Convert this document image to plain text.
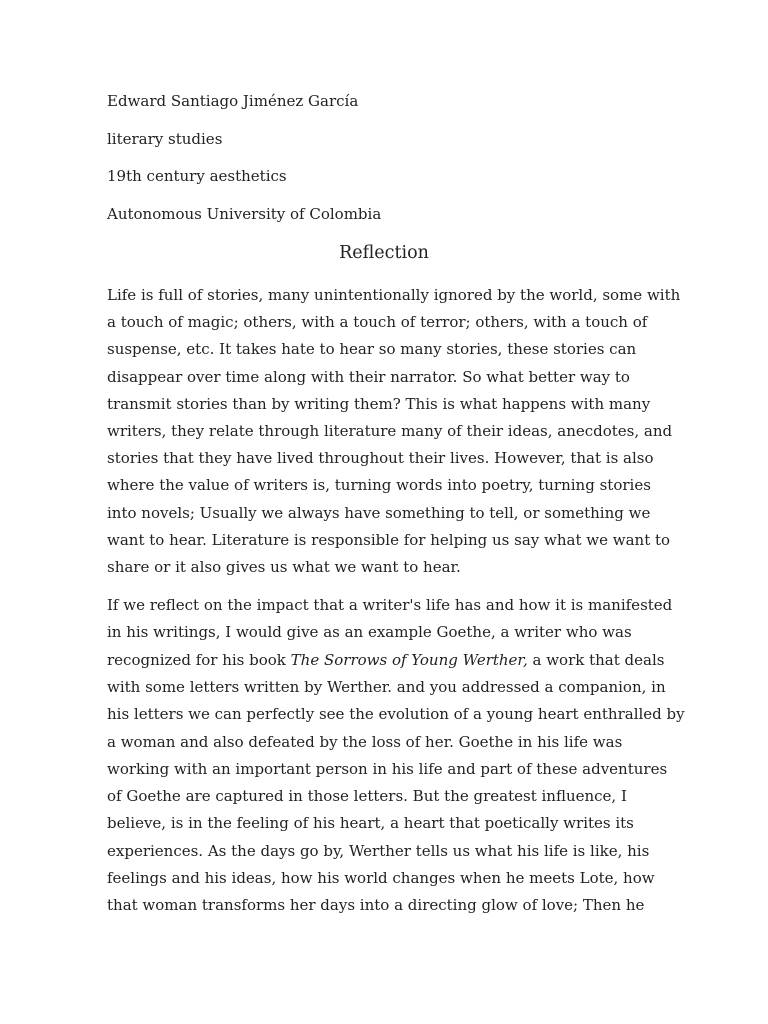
Edward Santiago Jiménez García
literary studies
19th century aesthetics
Autonomous University of Colombia
Reflection
Life is full of stories, many unintentionally ignored by the world, some with
a touch of magic; others, with a touch of terror; others, with a touch of
suspense, etc. It takes hate to hear so many stories, these stories can
disappear over time along with their narrator. So what better way to
transmit stories than by writing them? This is what happens with many
writers, they relate through literature many of their ideas, anecdotes, and
stories that they have lived throughout their lives. However, that is also
where the value of writers is, turning words into poetry, turning stories
into novels; Usually we always have something to tell, or something we
want to hear. Literature is responsible for helping us say what we want to
share or it also gives us what we want to hear.
If we reflect on the impact that a writer's life has and how it is manifested
in his writings, I would give as an example Goethe, a writer who was
recognized for his book The Sorrows of Young Werther, a work that deals
with some letters written by Werther. and you addressed a companion, in
his letters we can perfectly see the evolution of a young heart enthralled by
a woman and also defeated by the loss of her. Goethe in his life was
working with an important person in his life and part of these adventures
of Goethe are captured in those letters. But the greatest influence, I
believe, is in the feeling of his heart, a heart that poetically writes its
experiences. As the days go by, Werther tells us what his life is like, his
feelings and his ideas, how his world changes when he meets Lote, how
that woman transforms her days into a directing glow of love; Then he
